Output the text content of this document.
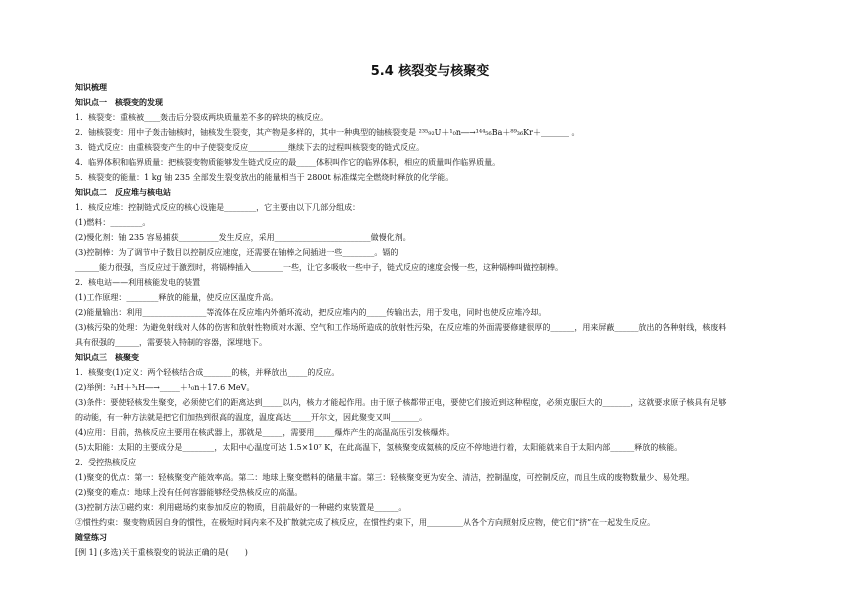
5.4 核裂变与核聚变
知识梳理
知识点一　核裂变的发现
1．核裂变：重核被____轰击后分裂成两块质量差不多的碎块的核反应。
2．铀核裂变：用中子轰击铀核时，铀核发生裂变，其产物是多样的，其中一种典型的铀核裂变是 ²³⁵₉₂U＋¹₀n―→¹⁴⁴₅₆Ba＋⁸⁹₃₆Kr＋_______ 。
3．链式反应：由重核裂变产生的中子使裂变反应__________继续下去的过程叫核裂变的链式反应。
4．临界体积和临界质量：把核裂变物质能够发生链式反应的最_____体积叫作它的临界体积，相应的质量叫作临界质量。
5．核裂变的能量：1 kg 铀 235 全部发生裂变放出的能量相当于 2800t 标准煤完全燃烧时释放的化学能。
知识点二　反应堆与核电站
1．核反应堆：控制链式反应的核心设施是________，它主要由以下几部分组成：
(1)燃料：________。
(2)慢化剂：铀 235 容易捕获__________发生反应，采用________________________做慢化剂。
(3)控制棒：为了调节中子数目以控制反应速度，还需要在铀棒之间插进一些________。镉的
______能力很强，当反应过于激烈时，将镉棒插入________一些，让它多吸收一些中子，链式反应的速度会慢一些，这种镉棒叫做控制棒。
2．核电站——利用核能发电的装置
(1)工作原理：________释放的能量，使反应区温度升高。
(2)能量输出：利用________________等流体在反应堆内外循环流动，把反应堆内的_____传输出去，用于发电，同时也使反应堆冷却。
(3)核污染的处理：为避免射线对人体的伤害和放射性物质对水源、空气和工作场所造成的放射性污染，在反应堆的外面需要修建很厚的______，用来屏蔽______放出的各种射线，核废料
具有很强的______，需要装入特制的容器，深埋地下。
知识点三　核聚变
1．核聚变(1)定义：两个轻核结合成_______的核，并释放出_____的反应。
(2)举例：²₁H＋³₁H―→_____＋¹₀n＋17.6 MeV。
(3)条件：要使轻核发生聚变，必须使它们的距离达到_____以内，核力才能起作用。由于原子核都带正电，要使它们接近到这种程度，必须克服巨大的_______，这就要求原子核具有足够
的动能，有一种方法就是把它们加热到很高的温度，温度高达_____开尔文，因此聚变又叫_______。
(4)应用：目前，热核反应主要用在核武器上，那就是_____，需要用_____爆炸产生的高温高压引发核爆炸。
(5)太阳能：太阳的主要成分是________，太阳中心温度可达 1.5×10⁷ K，在此高温下，氢核聚变成氦核的反应不停地进行着，太阳能就来自于太阳内部______释放的核能。
2．受控热核反应
(1)聚变的优点：第一：轻核聚变产能效率高。第二：地球上聚变燃料的储量丰富。第三：轻核聚变更为安全、清洁，控制温度，可控制反应，而且生成的废物数量少、易处理。
(2)聚变的难点：地球上没有任何容器能够经受热核反应的高温。
(3)控制方法①磁约束：利用磁场约束参加反应的物质，目前最好的一种磁约束装置是______。
②惯性约束：聚变物质因自身的惯性，在极短时间内来不及扩散就完成了核反应，在惯性约束下，用_________从各个方向照射反应物，使它们“挤”在一起发生反应。
随堂练习
[例 1] (多选)关于重核裂变的说法正确的是(　　)
